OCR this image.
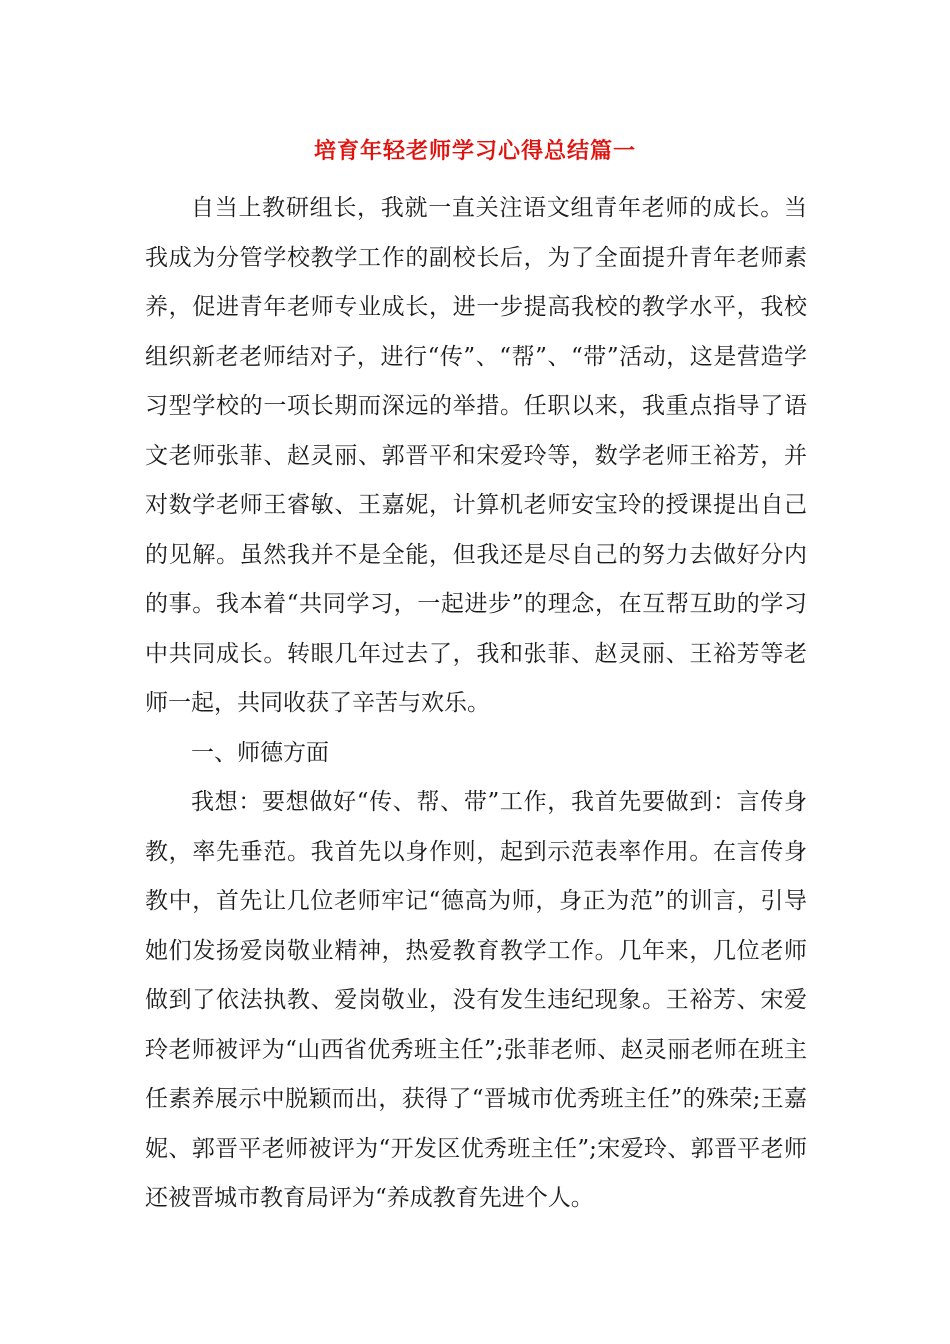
培育年轻老师学习心得总结篇一

自当上教研组长，我就一直关注语文组青年老师的成长。当我成为分管学校教学工作的副校长后，为了全面提升青年老师素养，促进青年老师专业成长，进一步提高我校的教学水平，我校组织新老老师结对子，进行“传”、“帮”、“带”活动，这是营造学习型学校的一项长期而深远的举措。任职以来，我重点指导了语文老师张菲、赵灵丽、郭晋平和宋爱玲等，数学老师王裕芳，并对数学老师王睿敏、王嘉妮，计算机老师安宝玲的授课提出自己的见解。虽然我并不是全能，但我还是尽自己的努力去做好分内的事。我本着“共同学习，一起进步”的理念，在互帮互助的学习中共同成长。转眼几年过去了，我和张菲、赵灵丽、王裕芳等老师一起，共同收获了辛苦与欢乐。

一、师德方面

我想：要想做好“传、帮、带”工作，我首先要做到：言传身教，率先垂范。我首先以身作则，起到示范表率作用。在言传身教中，首先让几位老师牢记“德高为师，身正为范”的训言，引导她们发扬爱岗敬业精神，热爱教育教学工作。几年来，几位老师做到了依法执教、爱岗敬业，没有发生违纪现象。王裕芳、宋爱玲老师被评为“山西省优秀班主任”;张菲老师、赵灵丽老师在班主任素养展示中脱颖而出，获得了“晋城市优秀班主任”的殊荣;王嘉妮、郭晋平老师被评为“开发区优秀班主任”;宋爱玲、郭晋平老师还被晋城市教育局评为“养成教育先进个人。
